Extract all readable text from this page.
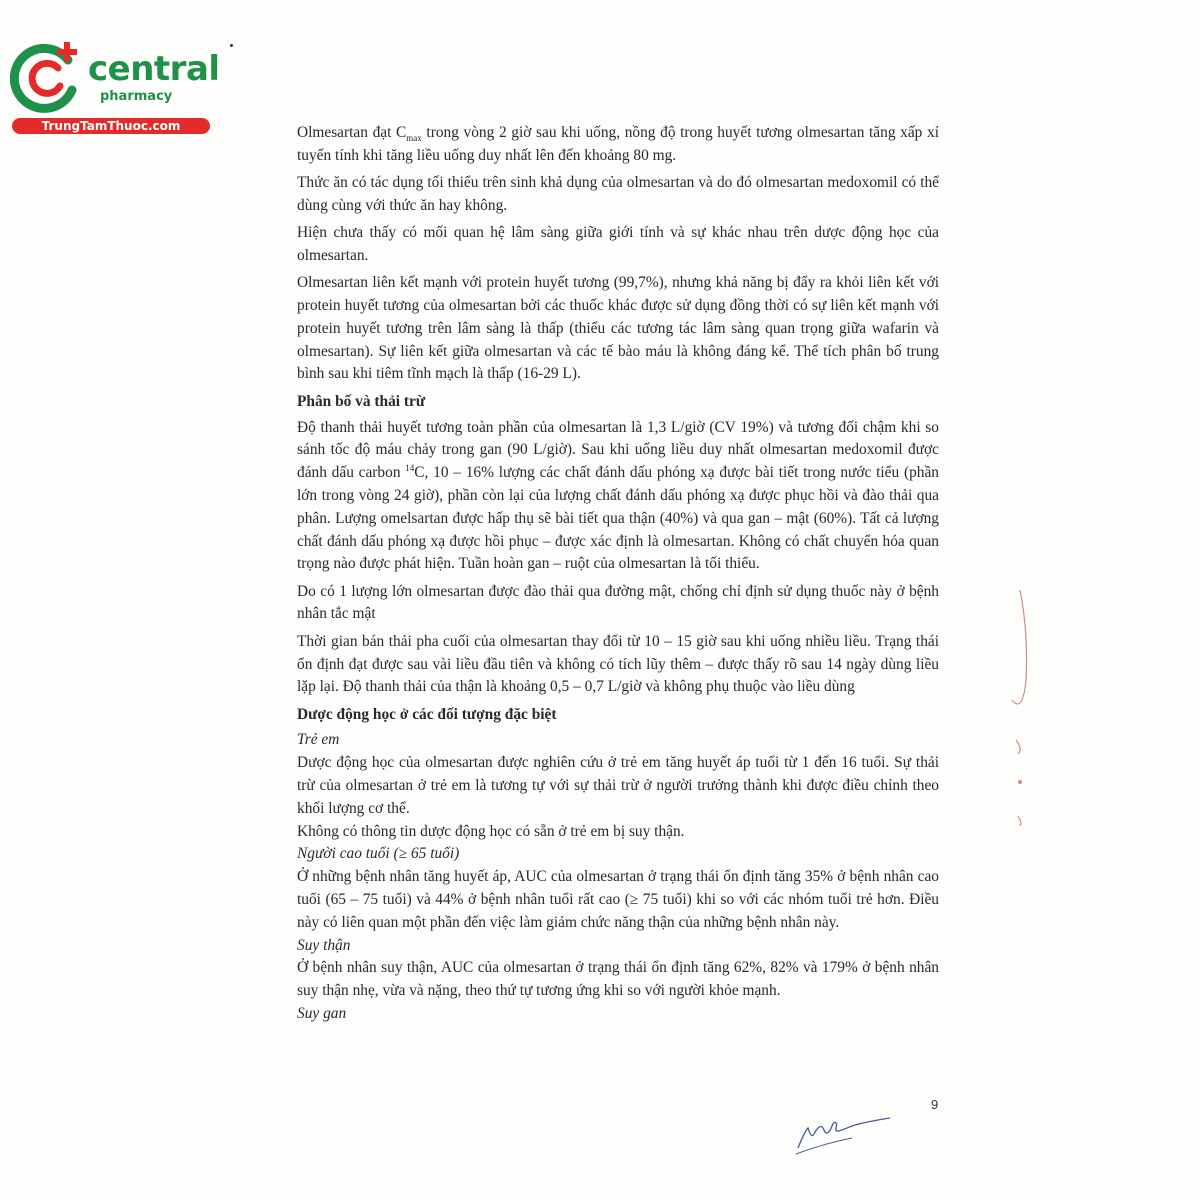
central
pharmacy
TrungTamThuoc.com	Olmesartan đạt $C_{max}$ trong vòng 2 giờ sau khi uống, nồng độ trong huyết tương olmesartan tăng xấp xỉ tuyến tính khi tăng liều uống duy nhất lên đến khoảng 80 mg.

Thức ăn có tác dụng tối thiểu trên sinh khả dụng của olmesartan và do đó olmesartan medoxomil có thể dùng cùng với thức ăn hay không.

Hiện chưa thấy có mối quan hệ lâm sàng giữa giới tính và sự khác nhau trên dược động học của olmesartan.

Olmesartan liên kết mạnh với protein huyết tương (99,7%), nhưng khả năng bị đẩy ra khỏi liên kết với protein huyết tương của olmesartan bởi các thuốc khác được sử dụng đồng thời có sự liên kết mạnh với protein huyết tương trên lâm sàng là thấp (thiếu các tương tác lâm sàng quan trọng giữa wafarin và olmesartan). Sự liên kết giữa olmesartan và các tế bào máu là không đáng kể. Thể tích phân bố trung bình sau khi tiêm tĩnh mạch là thấp (16-29 L).

Phân bố và thải trừ

Độ thanh thải huyết tương toàn phần của olmesartan là 1,3 L/giờ (CV 19%) và tương đối chậm khi so sánh tốc độ máu chảy trong gan (90 L/giờ). Sau khi uống liều duy nhất olmesartan medoxomil được đánh dấu carbon $^{14}$C, 10 – 16% lượng các chất đánh dấu phóng xạ được bài tiết trong nước tiểu (phần lớn trong vòng 24 giờ), phần còn lại của lượng chất đánh dấu phóng xạ được phục hồi và đào thải qua phân. Lượng omelsartan được hấp thụ sẽ bài tiết qua thận (40%) và qua gan – mật (60%). Tất cả lượng chất đánh dấu phóng xạ được hồi phục – được xác định là olmesartan. Không có chất chuyển hóa quan trọng nào được phát hiện. Tuần hoàn gan – ruột của olmesartan là tối thiểu.

Do có 1 lượng lớn olmesartan được đào thải qua đường mật, chống chỉ định sử dụng thuốc này ở bệnh nhân tắc mật

Thời gian bán thải pha cuối của olmesartan thay đổi từ 10 – 15 giờ sau khi uống nhiều liều. Trạng thái ổn định đạt được sau vài liều đầu tiên và không có tích lũy thêm – được thấy rõ sau 14 ngày dùng liều lặp lại. Độ thanh thải của thận là khoảng 0,5 – 0,7 L/giờ và không phụ thuộc vào liều dùng

Dược động học ở các đối tượng đặc biệt

Trẻ em

Dược động học của olmesartan được nghiên cứu ở trẻ em tăng huyết áp tuổi từ 1 đến 16 tuổi. Sự thải trừ của olmesartan ở trẻ em là tương tự với sự thải trừ ở người trưởng thành khi được điều chỉnh theo khối lượng cơ thể.

Không có thông tin dược động học có sẵn ở trẻ em bị suy thận.

Người cao tuổi (≥ 65 tuổi)

Ở những bệnh nhân tăng huyết áp, AUC của olmesartan ở trạng thái ổn định tăng 35% ở bệnh nhân cao tuổi (65 – 75 tuổi) và 44% ở bệnh nhân tuổi rất cao (≥ 75 tuổi) khi so với các nhóm tuổi trẻ hơn. Điều này có liên quan một phần đến việc làm giảm chức năng thận của những bệnh nhân này.

Suy thận

Ở bệnh nhân suy thận, AUC của olmesartan ở trạng thái ổn định tăng 62%, 82% và 179% ở bệnh nhân suy thận nhẹ, vừa và nặng, theo thứ tự tương ứng khi so với người khỏe mạnh.

Suy gan

9
